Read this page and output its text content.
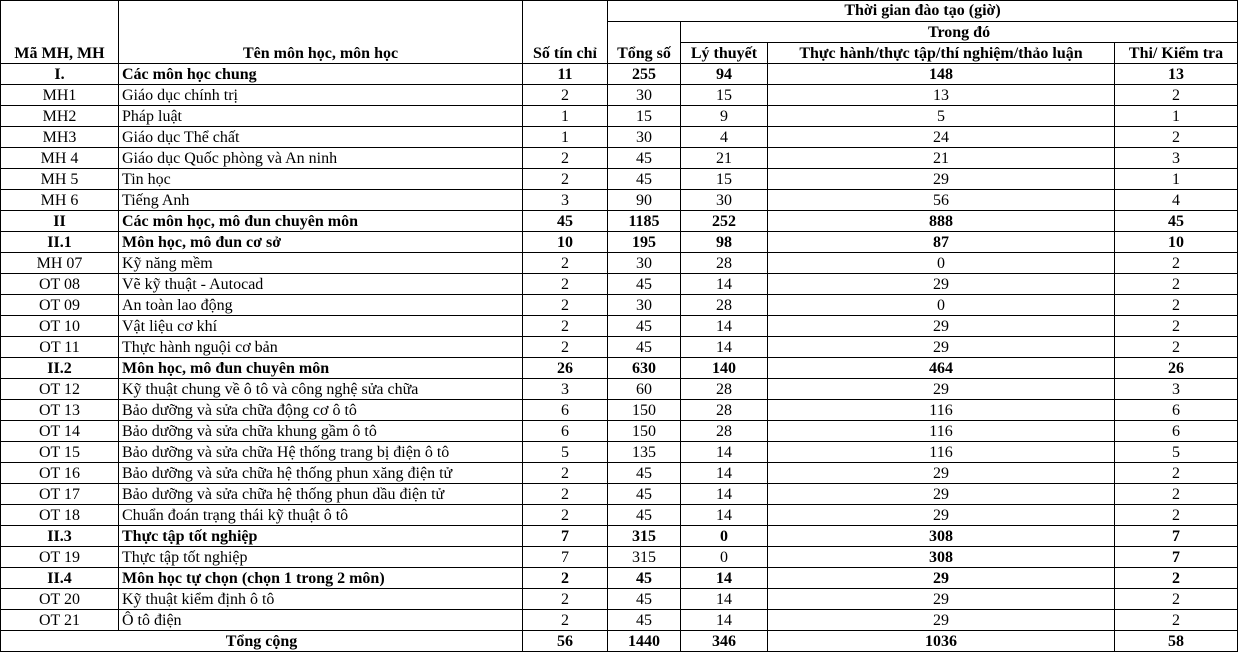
Mã MH, MH	Tên môn học, môn học	Số tín chỉ	Thời gian đào tạo (giờ)			
			Tổng số	Trong đó		
				Lý thuyết	Thực hành/thực tập/thí nghiệm/thảo luận	Thi/ Kiểm tra
I.	Các môn học chung	11	255	94	148	13
MH1	Giáo dục chính trị	2	30	15	13	2
MH2	Pháp luật	1	15	9	5	1
MH3	Giáo dục Thể chất	1	30	4	24	2
MH 4	Giáo dục Quốc phòng và An ninh	2	45	21	21	3
MH 5	Tin học	2	45	15	29	1
MH 6	Tiếng Anh	3	90	30	56	4
II	Các môn học, mô đun chuyên môn	45	1185	252	888	45
II.1	Môn học, mô đun cơ sở	10	195	98	87	10
MH 07	Kỹ năng mềm	2	30	28	0	2
OT 08	Vẽ kỹ thuật - Autocad	2	45	14	29	2
OT 09	An toàn lao động	2	30	28	0	2
OT 10	Vật liệu cơ khí	2	45	14	29	2
OT 11	Thực hành nguội cơ bản	2	45	14	29	2
II.2	Môn học, mô đun chuyên môn	26	630	140	464	26
OT 12	Kỹ thuật chung về ô tô và công nghệ sửa chữa	3	60	28	29	3
OT 13	Bảo dưỡng và sửa chữa động cơ ô tô	6	150	28	116	6
OT 14	Bảo dưỡng và sửa chữa khung gầm ô tô	6	150	28	116	6
OT 15	Bảo dưỡng và sửa chữa Hệ thống trang bị điện ô tô	5	135	14	116	5
OT 16	Bảo dưỡng và sửa chữa hệ thống phun xăng điện tử	2	45	14	29	2
OT 17	Bảo dưỡng và sửa chữa hệ thống phun dầu điện tử	2	45	14	29	2
OT 18	Chuẩn đoán trạng thái kỹ thuật ô tô	2	45	14	29	2
II.3	Thực tập tốt nghiệp	7	315	0	308	7
OT 19	Thực tập tốt nghiệp	7	315	0	308	7
II.4	Môn học tự chọn (chọn 1 trong 2 môn)	2	45	14	29	2
OT 20	Kỹ thuật kiểm định ô tô	2	45	14	29	2
OT 21	Ô tô điện	2	45	14	29	2
Tổng cộng		56	1440	346	1036	58
